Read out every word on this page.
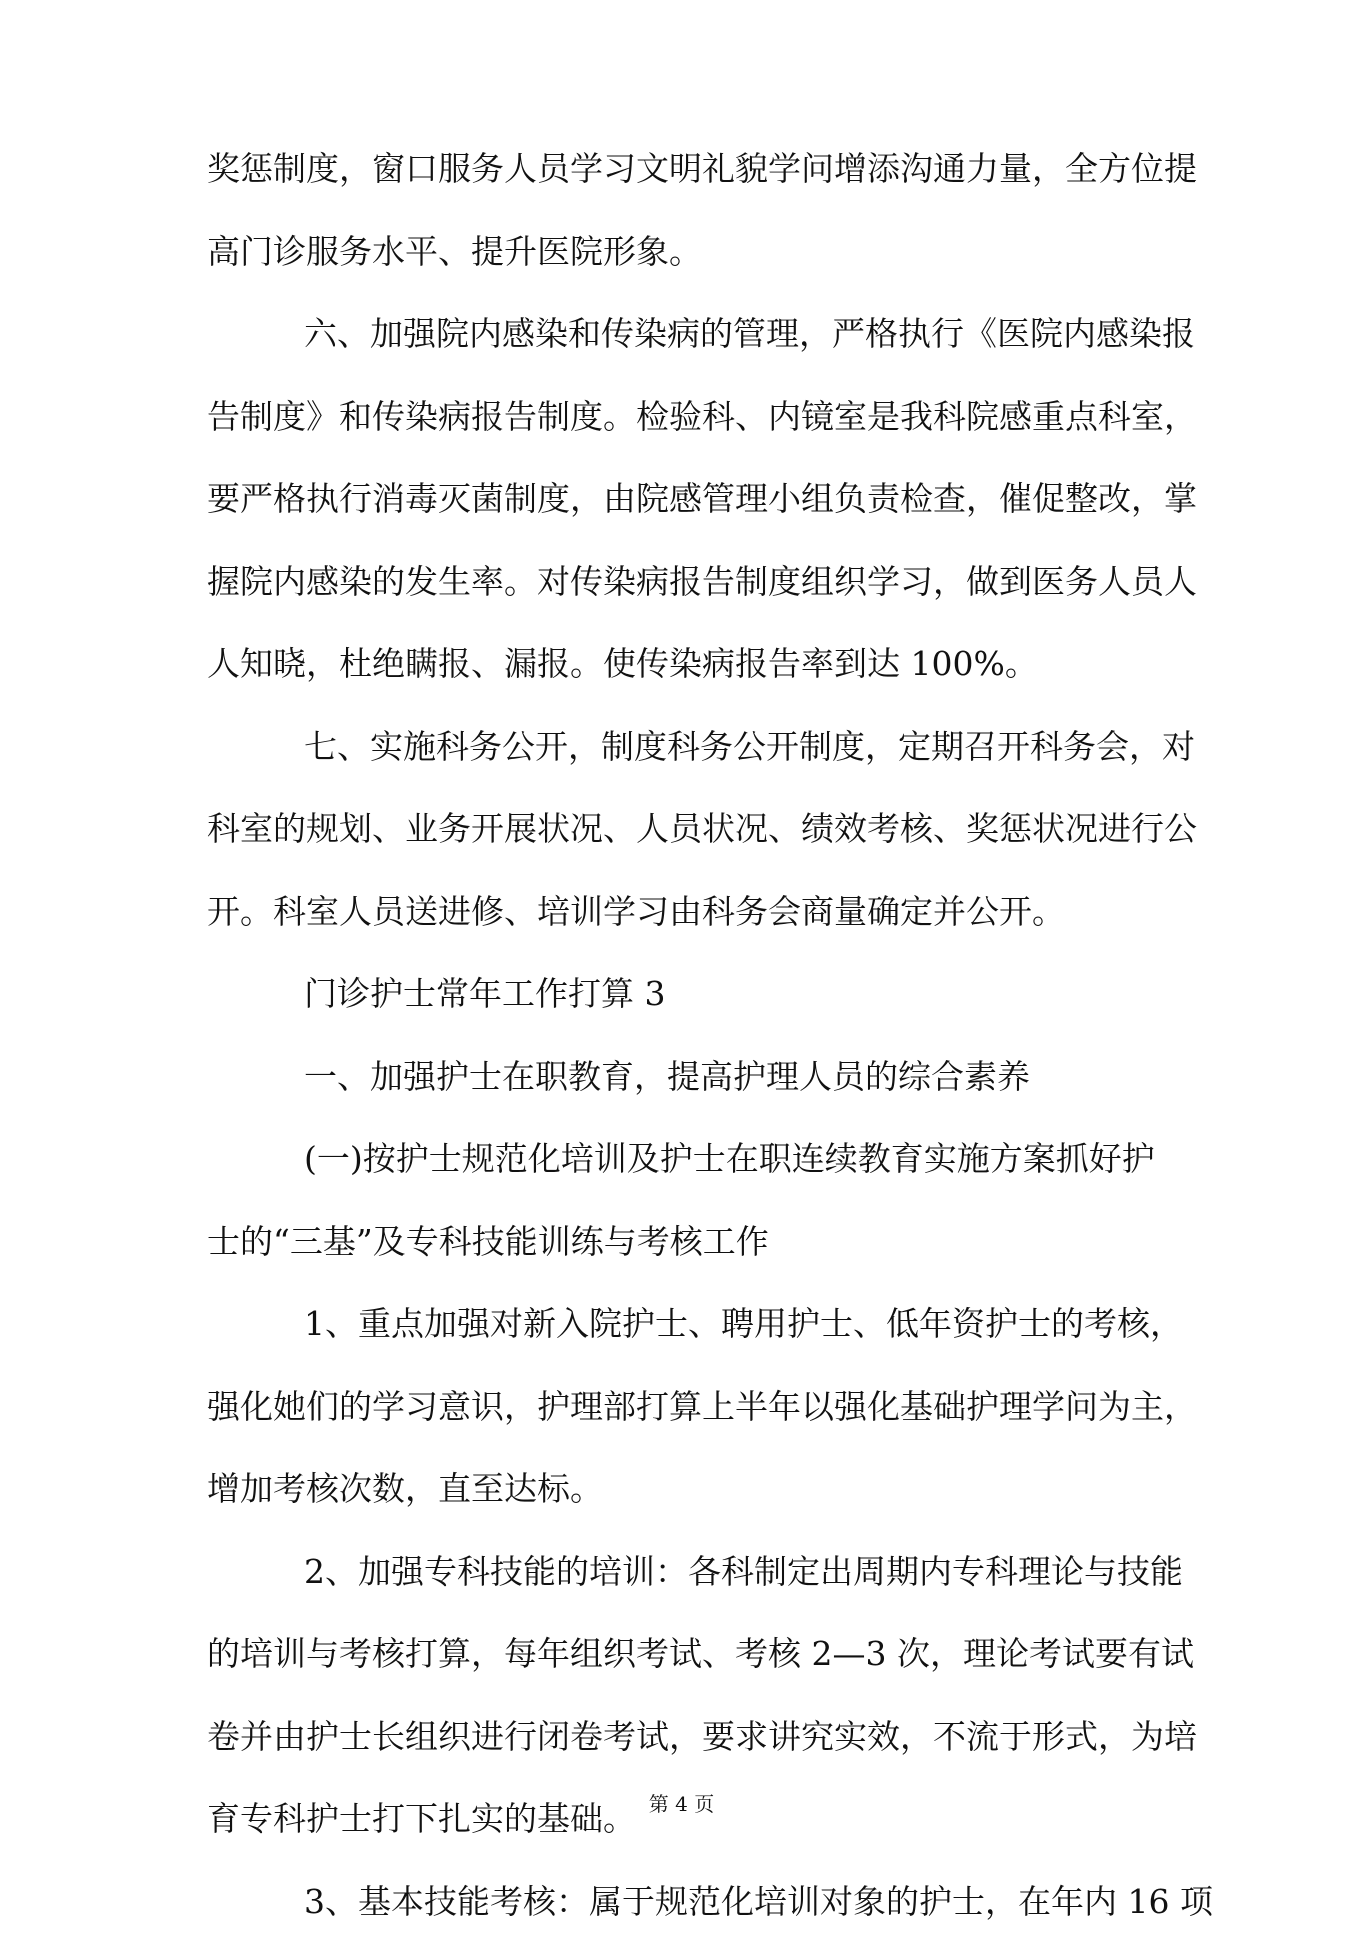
奖惩制度，窗口服务人员学习文明礼貌学问增添沟通力量，全方位提
高门诊服务水平、提升医院形象。
六、加强院内感染和传染病的管理，严格执行《医院内感染报
告制度》和传染病报告制度。检验科、内镜室是我科院感重点科室，
要严格执行消毒灭菌制度，由院感管理小组负责检查，催促整改，掌
握院内感染的发生率。对传染病报告制度组织学习，做到医务人员人
人知晓，杜绝瞒报、漏报。使传染病报告率到达 100%。
七、实施科务公开，制度科务公开制度，定期召开科务会，对
科室的规划、业务开展状况、人员状况、绩效考核、奖惩状况进行公
开。科室人员送进修、培训学习由科务会商量确定并公开。
门诊护士常年工作打算 3
一、加强护士在职教育，提高护理人员的综合素养
(一)按护士规范化培训及护士在职连续教育实施方案抓好护
士的“三基”及专科技能训练与考核工作
1、重点加强对新入院护士、聘用护士、低年资护士的考核，
强化她们的学习意识，护理部打算上半年以强化基础护理学问为主，
增加考核次数，直至达标。
2、加强专科技能的培训：各科制定出周期内专科理论与技能
的培训与考核打算，每年组织考试、考核 2—3 次，理论考试要有试
卷并由护士长组织进行闭卷考试，要求讲究实效，不流于形式，为培
育专科护士打下扎实的基础。
3、基本技能考核：属于规范化培训对象的护士，在年内 16 项
第 4 页
